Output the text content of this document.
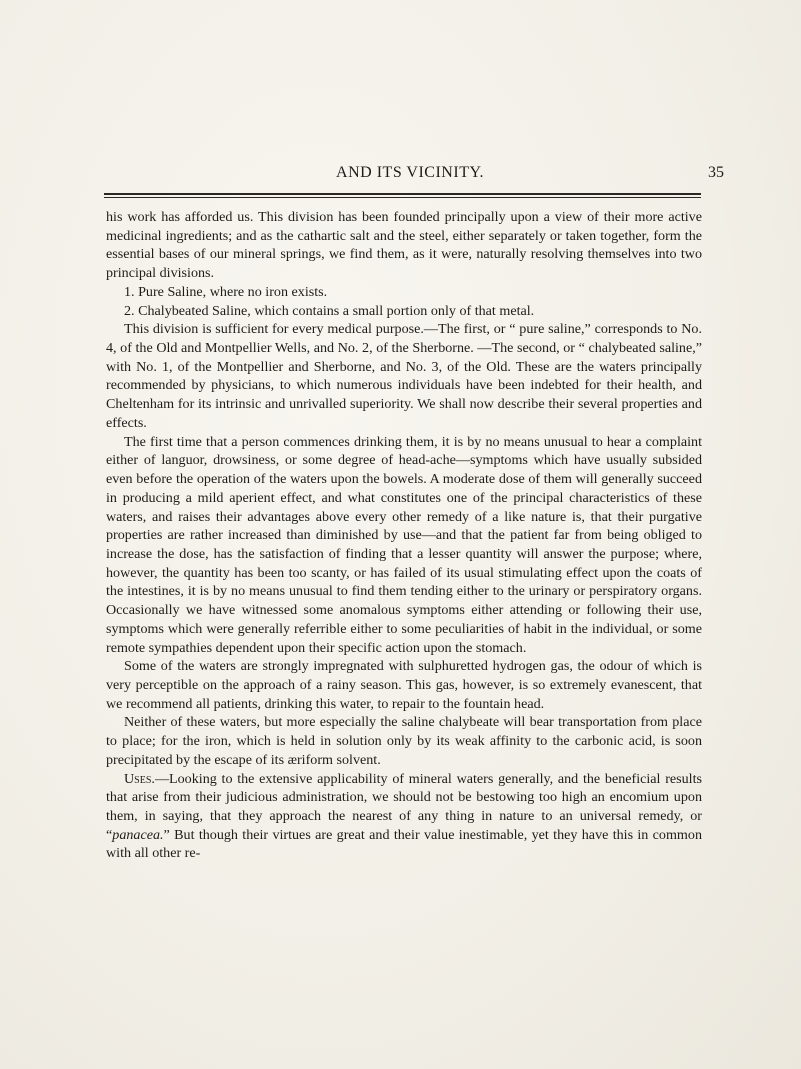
AND ITS VICINITY.	35

his work has afforded us. This division has been founded principally upon a view of their more active medicinal ingredients; and as the cathartic salt and the steel, either separately or taken together, form the essential bases of our mineral springs, we find them, as it were, naturally resolving themselves into two principal divisions.

1. Pure Saline, where no iron exists.

2. Chalybeated Saline, which contains a small portion only of that metal.

This division is sufficient for every medical purpose.—The first, or “ pure saline,” corresponds to No. 4, of the Old and Montpellier Wells, and No. 2, of the Sherborne. —The second, or “ chalybeated saline,” with No. 1, of the Montpellier and Sherborne, and No. 3, of the Old. These are the waters principally recommended by physicians, to which numerous individuals have been indebted for their health, and Cheltenham for its intrinsic and unrivalled superiority. We shall now describe their several properties and effects.

The first time that a person commences drinking them, it is by no means unusual to hear a complaint either of languor, drowsiness, or some degree of head-ache—symptoms which have usually subsided even before the operation of the waters upon the bowels. A moderate dose of them will generally succeed in producing a mild aperient effect, and what constitutes one of the principal characteristics of these waters, and raises their advantages above every other remedy of a like nature is, that their purgative properties are rather increased than diminished by use—and that the patient far from being obliged to increase the dose, has the satisfaction of finding that a lesser quantity will answer the purpose; where, however, the quantity has been too scanty, or has failed of its usual stimulating effect upon the coats of the intestines, it is by no means unusual to find them tending either to the urinary or perspiratory organs. Occasionally we have witnessed some anomalous symptoms either attending or following their use, symptoms which were generally referrible either to some peculiarities of habit in the individual, or some remote sympathies dependent upon their specific action upon the stomach.

Some of the waters are strongly impregnated with sulphuretted hydrogen gas, the odour of which is very perceptible on the approach of a rainy season. This gas, however, is so extremely evanescent, that we recommend all patients, drinking this water, to repair to the fountain head.

Neither of these waters, but more especially the saline chalybeate will bear transportation from place to place; for the iron, which is held in solution only by its weak affinity to the carbonic acid, is soon precipitated by the escape of its æriform solvent.

Uses.—Looking to the extensive applicability of mineral waters generally, and the beneficial results that arise from their judicious administration, we should not be bestowing too high an encomium upon them, in saying, that they approach the nearest of any thing in nature to an universal remedy, or “panacea.” But though their virtues are great and their value inestimable, yet they have this in common with all other re-
